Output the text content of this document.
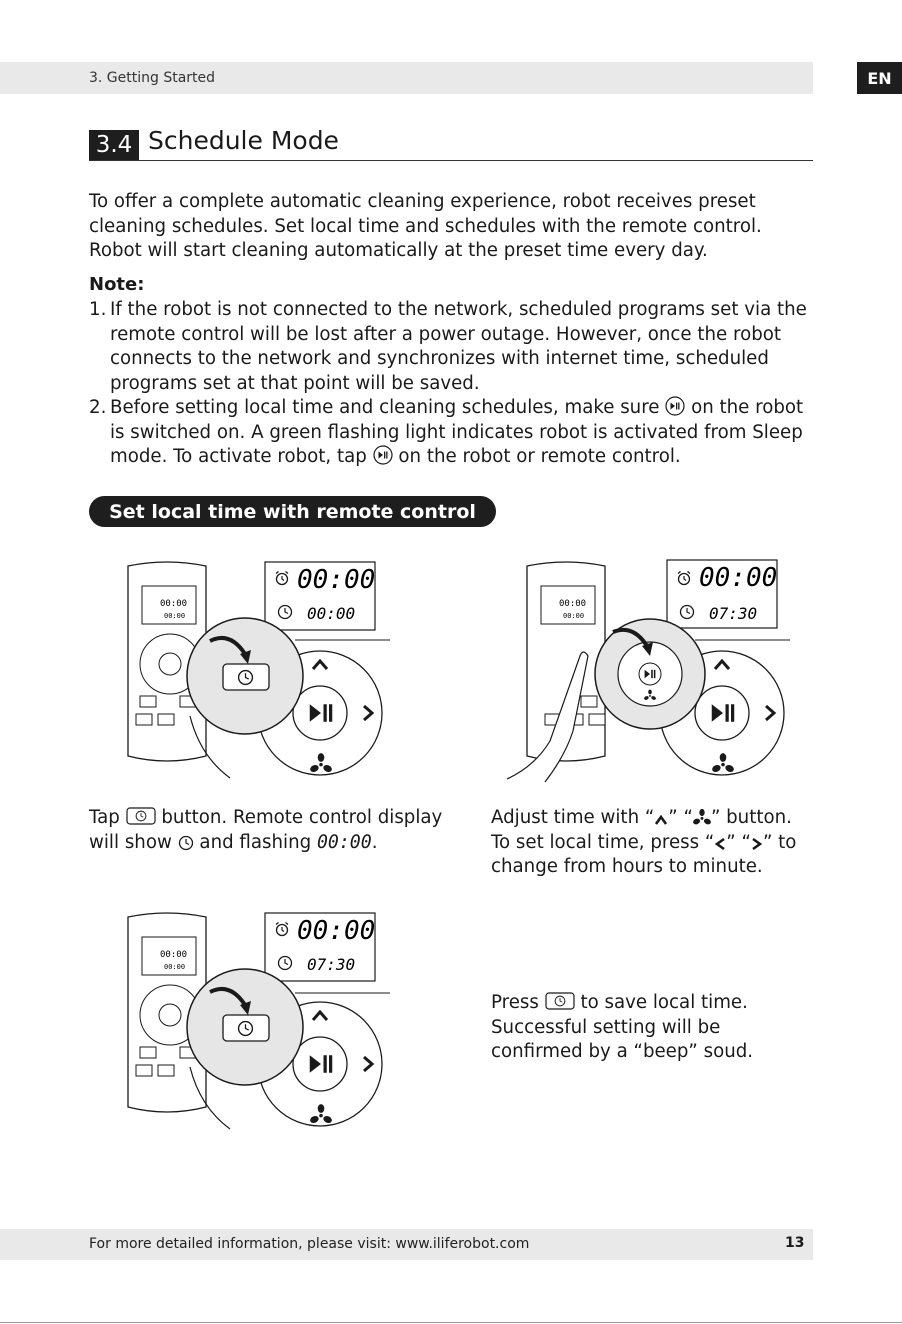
3. Getting Started	EN
3.4 Schedule Mode
To offer a complete automatic cleaning experience, robot receives preset cleaning schedules. Set local time and schedules with the remote control. Robot will start cleaning automatically at the preset time every day.
Note:
1. If the robot is not connected to the network, scheduled programs set via the remote control will be lost after a power outage. However, once the robot connects to the network and synchronizes with internet time, scheduled programs set at that point will be saved.
2. Before setting local time and cleaning schedules, make sure on the robot is switched on. A green flashing light indicates robot is activated from Sleep mode. To activate robot, tap on the robot or remote control.
Set local time with remote control
00:00
00:00
00:00
00:00
Tap button. Remote control display
will show and flashing 00:00.
00:00
00:00
00:00
07:30
Adjust time with “ ” “ ” button.
To set local time, press “ ” “ ” to
change from hours to minute.
00:00
00:00
00:00
07:30
Press to save local time.
Successful setting will be
confirmed by a “beep” soud.
For more detailed information, please visit: www.iliferobot.com	13
